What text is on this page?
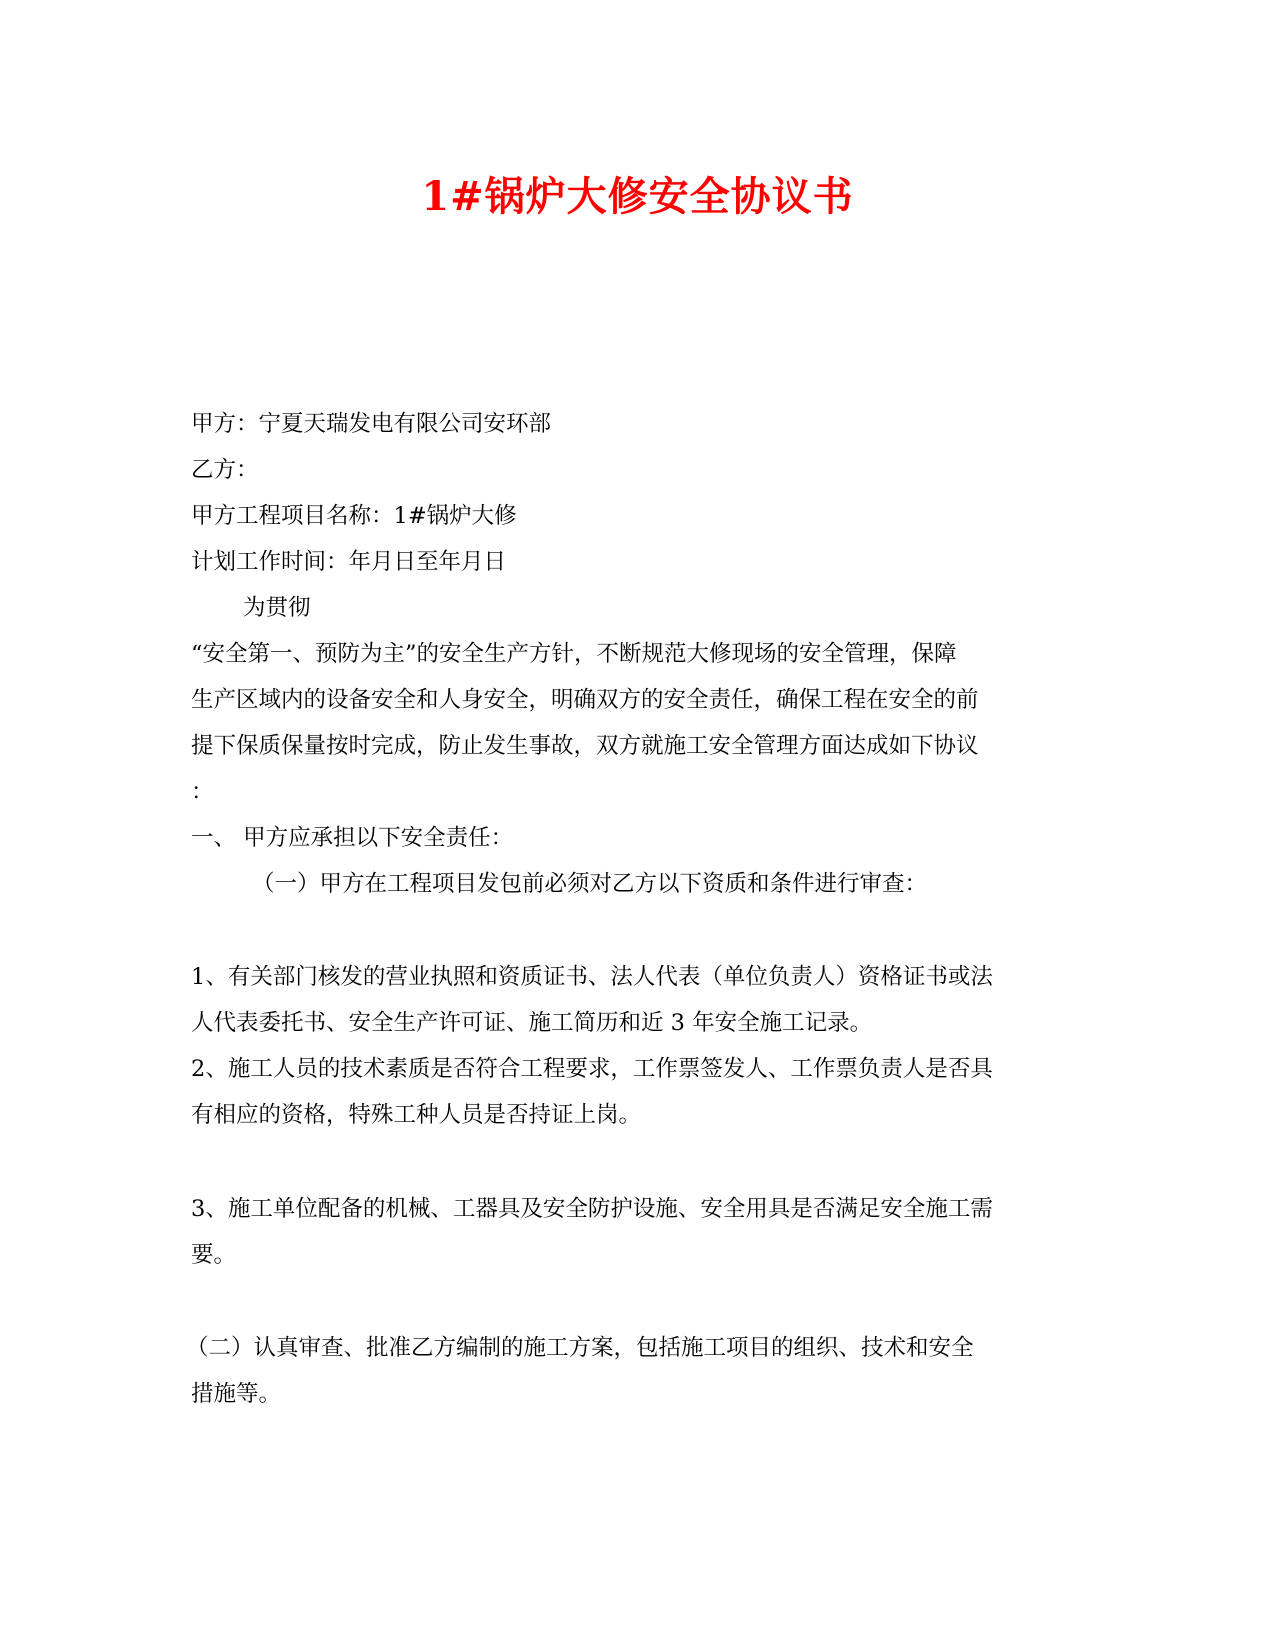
1#锅炉大修安全协议书

甲方：宁夏天瑞发电有限公司安环部

乙方：

甲方工程项目名称：1#锅炉大修

计划工作时间：年月日至年月日

为贯彻

“安全第一、预防为主”的安全生产方针，不断规范大修现场的安全管理，保障

生产区域内的设备安全和人身安全，明确双方的安全责任，确保工程在安全的前

提下保质保量按时完成，防止发生事故，双方就施工安全管理方面达成如下协议

：

一、 甲方应承担以下安全责任：

（一）甲方在工程项目发包前必须对乙方以下资质和条件进行审查：

1、有关部门核发的营业执照和资质证书、法人代表（单位负责人）资格证书或法

人代表委托书、安全生产许可证、施工简历和近 3 年安全施工记录。

2、施工人员的技术素质是否符合工程要求，工作票签发人、工作票负责人是否具

有相应的资格，特殊工种人员是否持证上岗。

3、施工单位配备的机械、工器具及安全防护设施、安全用具是否满足安全施工需

要。

（二）认真审查、批准乙方编制的施工方案，包括施工项目的组织、技术和安全

措施等。
